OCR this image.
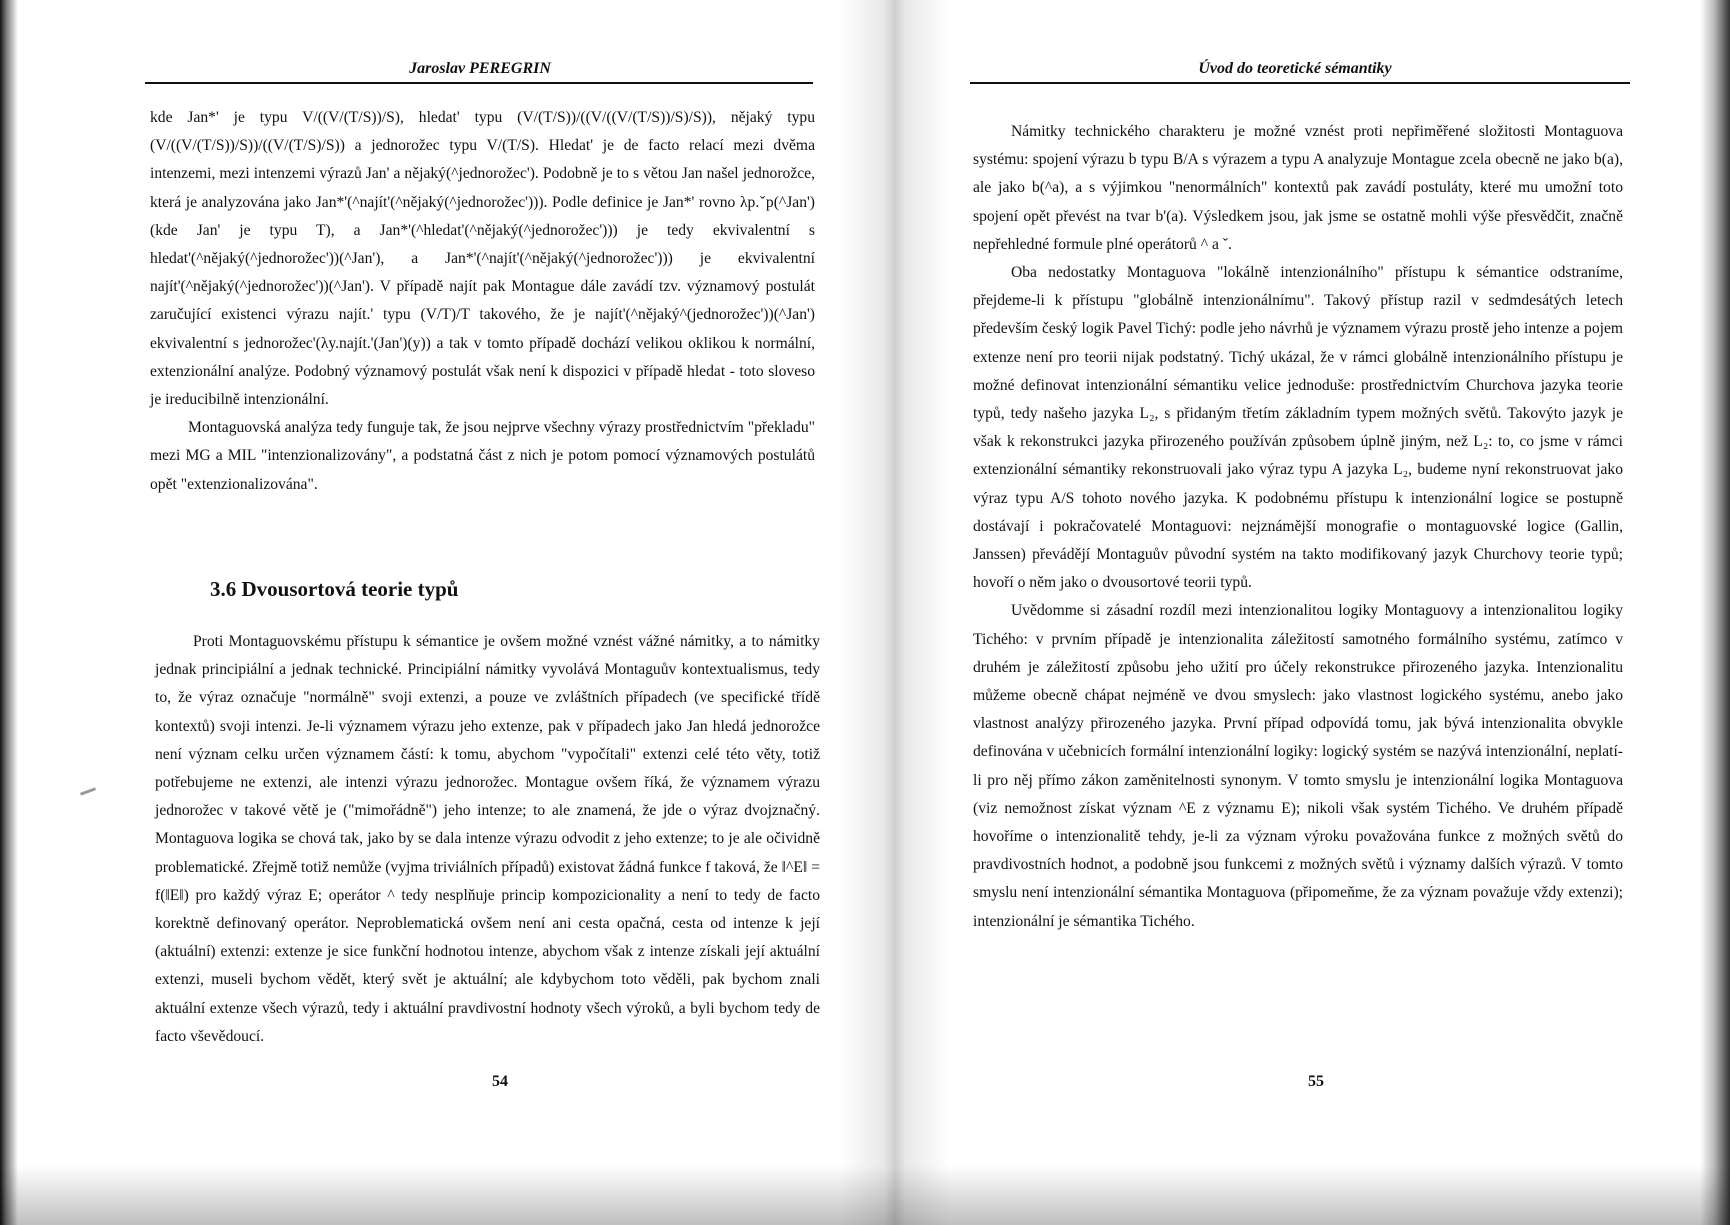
Jaroslav PEREGRIN

kde Jan*' je typu V/((V/(T/S))/S), hledat' typu (V/(T/S))/((V/((V/(T/S))/S)/S)), nějaký typu (V/((V/(T/S))/S))/((V/(T/S)/S)) a jednorožec typu V/(T/S). Hledat' je de facto relací mezi dvěma intenzemi, mezi intenzemi výrazů Jan' a nějaký(^jednorožec'). Podobně je to s větou Jan našel jednorožce, která je analyzována jako Jan*'(^najít'(^nějaký(^jednorožec'))). Podle definice je Jan*' rovno λp.ˇp(^Jan') (kde Jan' je typu T), a Jan*'(^hledat'(^nějaký(^jednorožec'))) je tedy ekvivalentní s hledat'(^nějaký(^jednorožec'))(^Jan'), a Jan*'(^najít'(^nějaký(^jednorožec'))) je ekvivalentní najít'(^nějaký(^jednorožec'))(^Jan'). V případě najít pak Montague dále zavádí tzv. významový postulát zaručující existenci výrazu najít.' typu (V/T)/T takového, že je najít'(^nějaký^(jednorožec'))(^Jan') ekvivalentní s jednorožec'(λy.najít.'(Jan')(y)) a tak v tomto případě dochází velikou oklikou k normální, extenzionální analýze. Podobný významový postulát však není k dispozici v případě hledat - toto sloveso je ireducibilně intenzionální.

Montaguovská analýza tedy funguje tak, že jsou nejprve všechny výrazy prostřednictvím "překladu" mezi MG a MIL "intenzionalizovány", a podstatná část z nich je potom pomocí významových postulátů opět "extenzionalizována".

3.6 Dvousortová teorie typů

Proti Montaguovskému přístupu k sémantice je ovšem možné vznést vážné námitky, a to námitky jednak principiální a jednak technické. Principiální námitky vyvolává Montaguův kontextualismus, tedy to, že výraz označuje "normálně" svoji extenzi, a pouze ve zvláštních případech (ve specifické třídě kontextů) svoji intenzi. Je-li významem výrazu jeho extenze, pak v případech jako Jan hledá jednorožce není význam celku určen významem částí: k tomu, abychom "vypočítali" extenzi celé této věty, totiž potřebujeme ne extenzi, ale intenzi výrazu jednorožec. Montague ovšem říká, že významem výrazu jednorožec v takové větě je ("mimořádně") jeho intenze; to ale znamená, že jde o výraz dvojznačný. Montaguova logika se chová tak, jako by se dala intenze výrazu odvodit z jeho extenze; to je ale očividně problematické. Zřejmě totiž nemůže (vyjma triviálních případů) existovat žádná funkce f taková, že ‖^E‖ = f(‖E‖) pro každý výraz E; operátor ^ tedy nesplňuje princip kompozicionality a není to tedy de facto korektně definovaný operátor. Neproblematická ovšem není ani cesta opačná, cesta od intenze k její (aktuální) extenzi: extenze je sice funkční hodnotou intenze, abychom však z intenze získali její aktuální extenzi, museli bychom vědět, který svět je aktuální; ale kdybychom toto věděli, pak bychom znali aktuální extenze všech výrazů, tedy i aktuální pravdivostní hodnoty všech výroků, a byli bychom tedy de facto vševědoucí.

54
Úvod do teoretické sémantiky

Námitky technického charakteru je možné vznést proti nepřiměřené složitosti Montaguova systému: spojení výrazu b typu B/A s výrazem a typu A analyzuje Montague zcela obecně ne jako b(a), ale jako b(^a), a s výjimkou "nenormálních" kontextů pak zavádí postuláty, které mu umožní toto spojení opět převést na tvar b'(a). Výsledkem jsou, jak jsme se ostatně mohli výše přesvědčit, značně nepřehledné formule plné operátorů ^ a ˇ.

Oba nedostatky Montaguova "lokálně intenzionálního" přístupu k sémantice odstraníme, přejdeme-li k přístupu "globálně intenzionálnímu". Takový přístup razil v sedmdesátých letech především český logik Pavel Tichý: podle jeho návrhů je významem výrazu prostě jeho intenze a pojem extenze není pro teorii nijak podstatný. Tichý ukázal, že v rámci globálně intenzionálního přístupu je možné definovat intenzionální sémantiku velice jednoduše: prostřednictvím Churchova jazyka teorie typů, tedy našeho jazyka L₂, s přidaným třetím základním typem možných světů. Takovýto jazyk je však k rekonstrukci jazyka přirozeného používán způsobem úplně jiným, než L₂: to, co jsme v rámci extenzionální sémantiky rekonstruovali jako výraz typu A jazyka L₂, budeme nyní rekonstruovat jako výraz typu A/S tohoto nového jazyka. K podobnému přístupu k intenzionální logice se postupně dostávají i pokračovatelé Montaguovi: nejznámější monografie o montaguovské logice (Gallin, Janssen) převádějí Montaguův původní systém na takto modifikovaný jazyk Churchovy teorie typů; hovoří o něm jako o dvousortové teorii typů.

Uvědomme si zásadní rozdíl mezi intenzionalitou logiky Montaguovy a intenzionalitou logiky Tichého: v prvním případě je intenzionalita záležitostí samotného formálního systému, zatímco v druhém je záležitostí způsobu jeho užití pro účely rekonstrukce přirozeného jazyka. Intenzionalitu můžeme obecně chápat nejméně ve dvou smyslech: jako vlastnost logického systému, anebo jako vlastnost analýzy přirozeného jazyka. První případ odpovídá tomu, jak bývá intenzionalita obvykle definována v učebnicích formální intenzionální logiky: logický systém se nazývá intenzionální, neplatí-li pro něj přímo zákon zaměnitelnosti synonym. V tomto smyslu je intenzionální logika Montaguova (viz nemožnost získat význam ^E z významu E); nikoli však systém Tichého. Ve druhém případě hovoříme o intenzionalitě tehdy, je-li za význam výroku považována funkce z možných světů do pravdivostních hodnot, a podobně jsou funkcemi z možných světů i významy dalších výrazů. V tomto smyslu není intenzionální sémantika Montaguova (připomeňme, že za význam považuje vždy extenzi); intenzionální je sémantika Tichého.

55
